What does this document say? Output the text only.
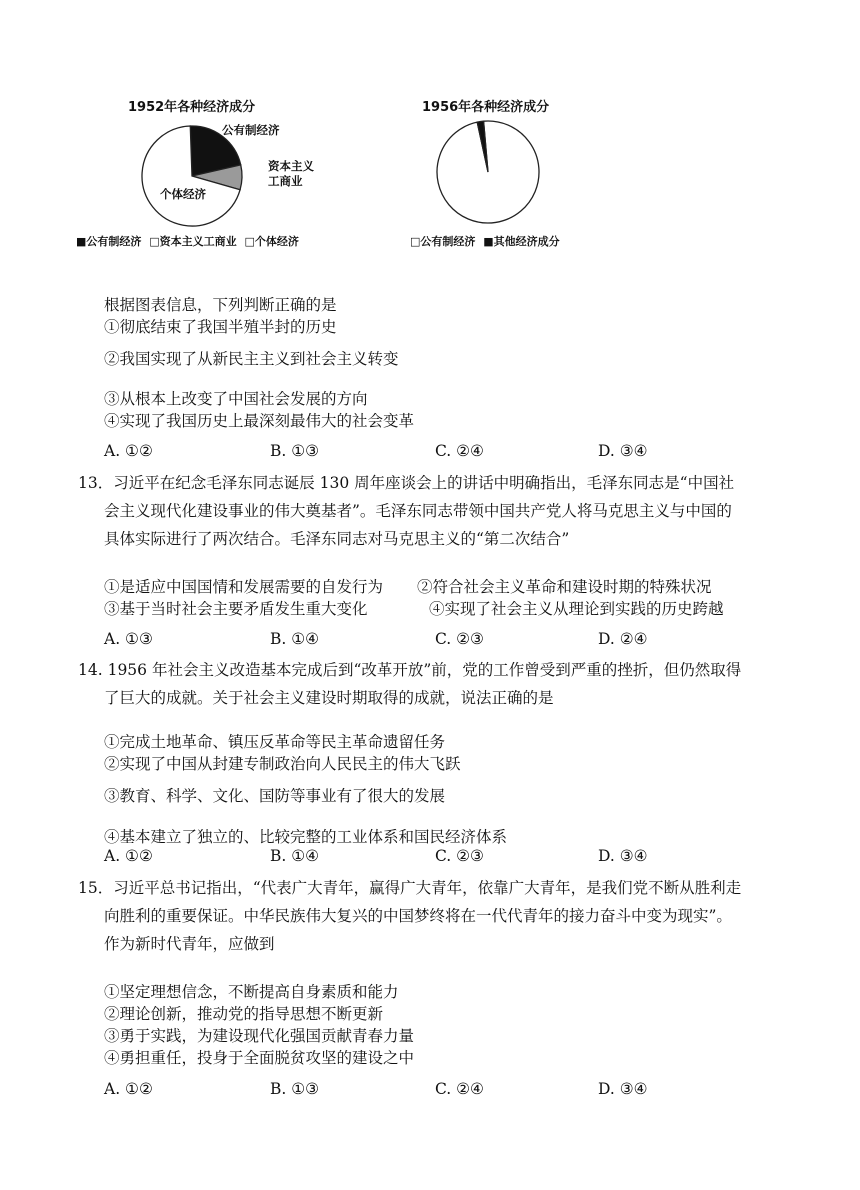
1952年各种经济成分
公有制经济
资本主义
工商业
个体经济
■公有制经济 □资本主义工商业 □个体经济
1956年各种经济成分
□公有制经济 ■其他经济成分
根据图表信息，下列判断正确的是
①彻底结束了我国半殖半封的历史
②我国实现了从新民主主义到社会主义转变
③从根本上改变了中国社会发展的方向
④实现了我国历史上最深刻最伟大的社会变革
A. ①②	B. ①③	C. ②④	D. ③④
13．习近平在纪念毛泽东同志诞辰 130 周年座谈会上的讲话中明确指出，毛泽东同志是“中国社
会主义现代化建设事业的伟大奠基者”。毛泽东同志带领中国共产党人将马克思主义与中国的
具体实际进行了两次结合。毛泽东同志对马克思主义的“第二次结合”
①是适应中国国情和发展需要的自发行为 ②符合社会主义革命和建设时期的特殊状况
③基于当时社会主要矛盾发生重大变化	④实现了社会主义从理论到实践的历史跨越
A. ①③	B. ①④	C. ②③	D. ②④
14. 1956 年社会主义改造基本完成后到“改革开放”前，党的工作曾受到严重的挫折，但仍然取得
了巨大的成就。关于社会主义建设时期取得的成就，说法正确的是
①完成土地革命、镇压反革命等民主革命遗留任务
②实现了中国从封建专制政治向人民民主的伟大飞跃
③教育、科学、文化、国防等事业有了很大的发展
④基本建立了独立的、比较完整的工业体系和国民经济体系
A. ①②	B. ①④	C. ②③	D. ③④
15．习近平总书记指出，“代表广大青年，赢得广大青年，依靠广大青年，是我们党不断从胜利走
向胜利的重要保证。中华民族伟大复兴的中国梦终将在一代代青年的接力奋斗中变为现实”。
作为新时代青年，应做到
①坚定理想信念，不断提高自身素质和能力
②理论创新，推动党的指导思想不断更新
③勇于实践，为建设现代化强国贡献青春力量
④勇担重任，投身于全面脱贫攻坚的建设之中
A. ①②	B. ①③	C. ②④	D. ③④
